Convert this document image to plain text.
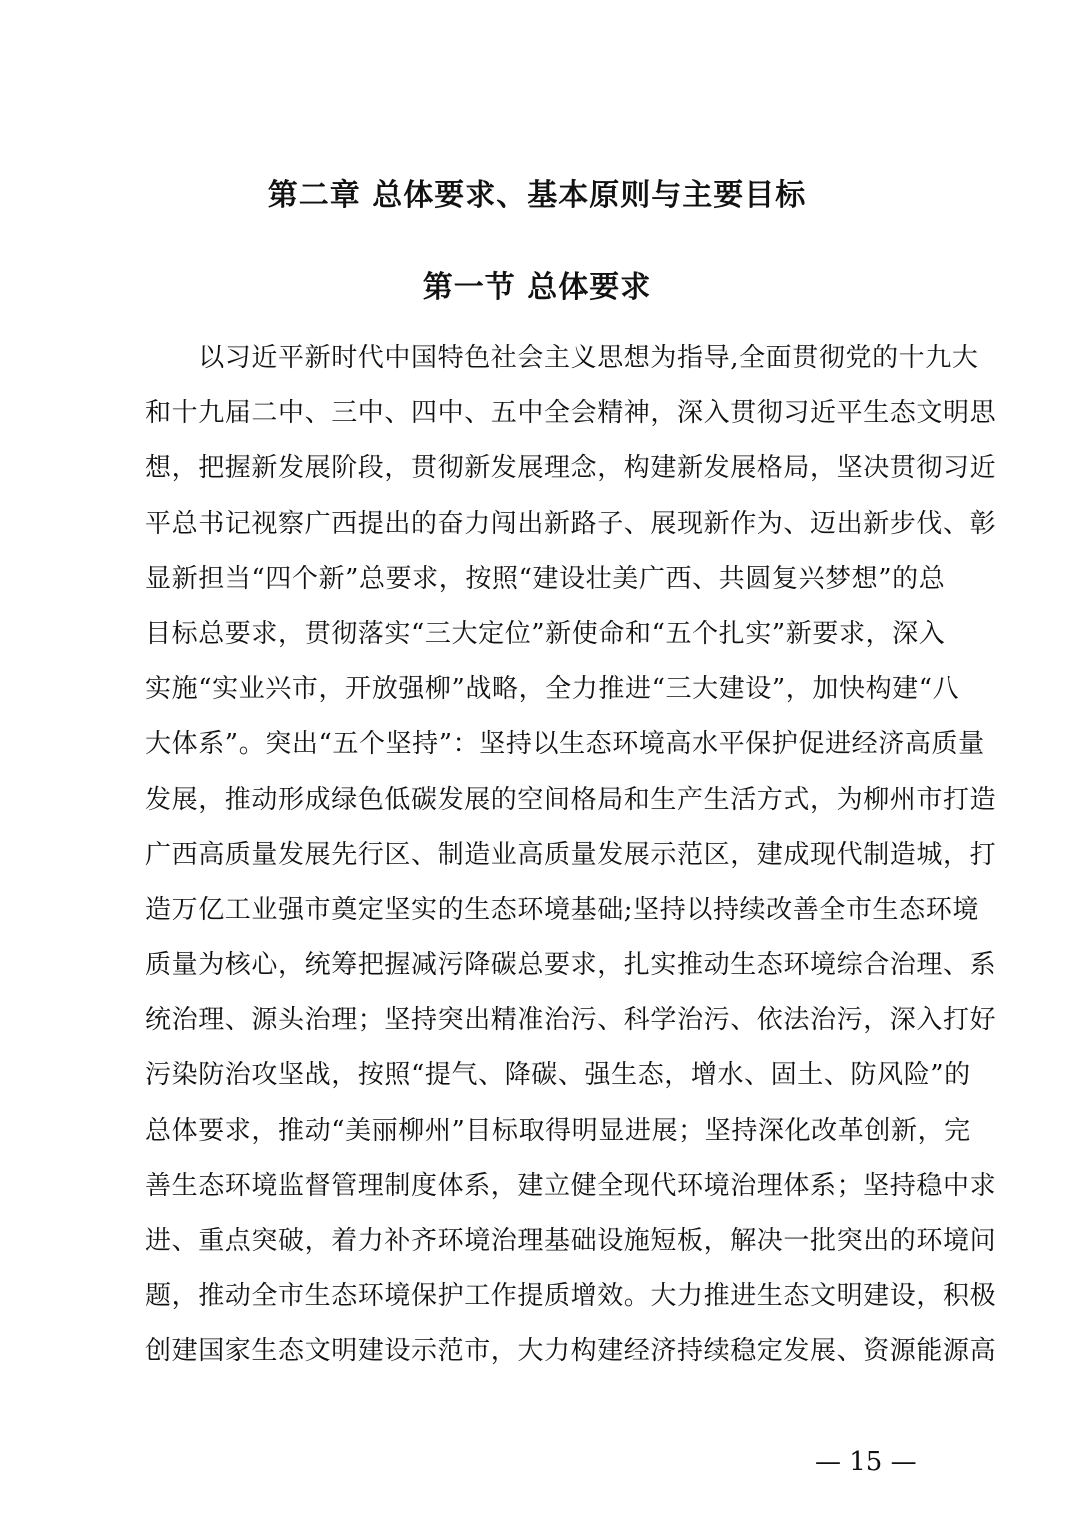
第二章 总体要求、基本原则与主要目标
第一节 总体要求

　　以习近平新时代中国特色社会主义思想为指导,全面贯彻党的十九大
和十九届二中、三中、四中、五中全会精神，深入贯彻习近平生态文明思
想，把握新发展阶段，贯彻新发展理念，构建新发展格局，坚决贯彻习近
平总书记视察广西提出的奋力闯出新路子、展现新作为、迈出新步伐、彰
显新担当“四个新”总要求，按照“建设壮美广西、共圆复兴梦想”的总
目标总要求，贯彻落实“三大定位”新使命和“五个扎实”新要求，深入
实施“实业兴市，开放强柳”战略，全力推进“三大建设”，加快构建“八
大体系”。突出“五个坚持”：坚持以生态环境高水平保护促进经济高质量
发展，推动形成绿色低碳发展的空间格局和生产生活方式，为柳州市打造
广西高质量发展先行区、制造业高质量发展示范区，建成现代制造城，打
造万亿工业强市奠定坚实的生态环境基础;坚持以持续改善全市生态环境
质量为核心，统筹把握减污降碳总要求，扎实推动生态环境综合治理、系
统治理、源头治理；坚持突出精准治污、科学治污、依法治污，深入打好
污染防治攻坚战，按照“提气、降碳、强生态，增水、固土、防风险”的
总体要求，推动“美丽柳州”目标取得明显进展；坚持深化改革创新，完
善生态环境监督管理制度体系，建立健全现代环境治理体系；坚持稳中求
进、重点突破，着力补齐环境治理基础设施短板，解决一批突出的环境问
题，推动全市生态环境保护工作提质增效。大力推进生态文明建设，积极
创建国家生态文明建设示范市，大力构建经济持续稳定发展、资源能源高

— 15 —
